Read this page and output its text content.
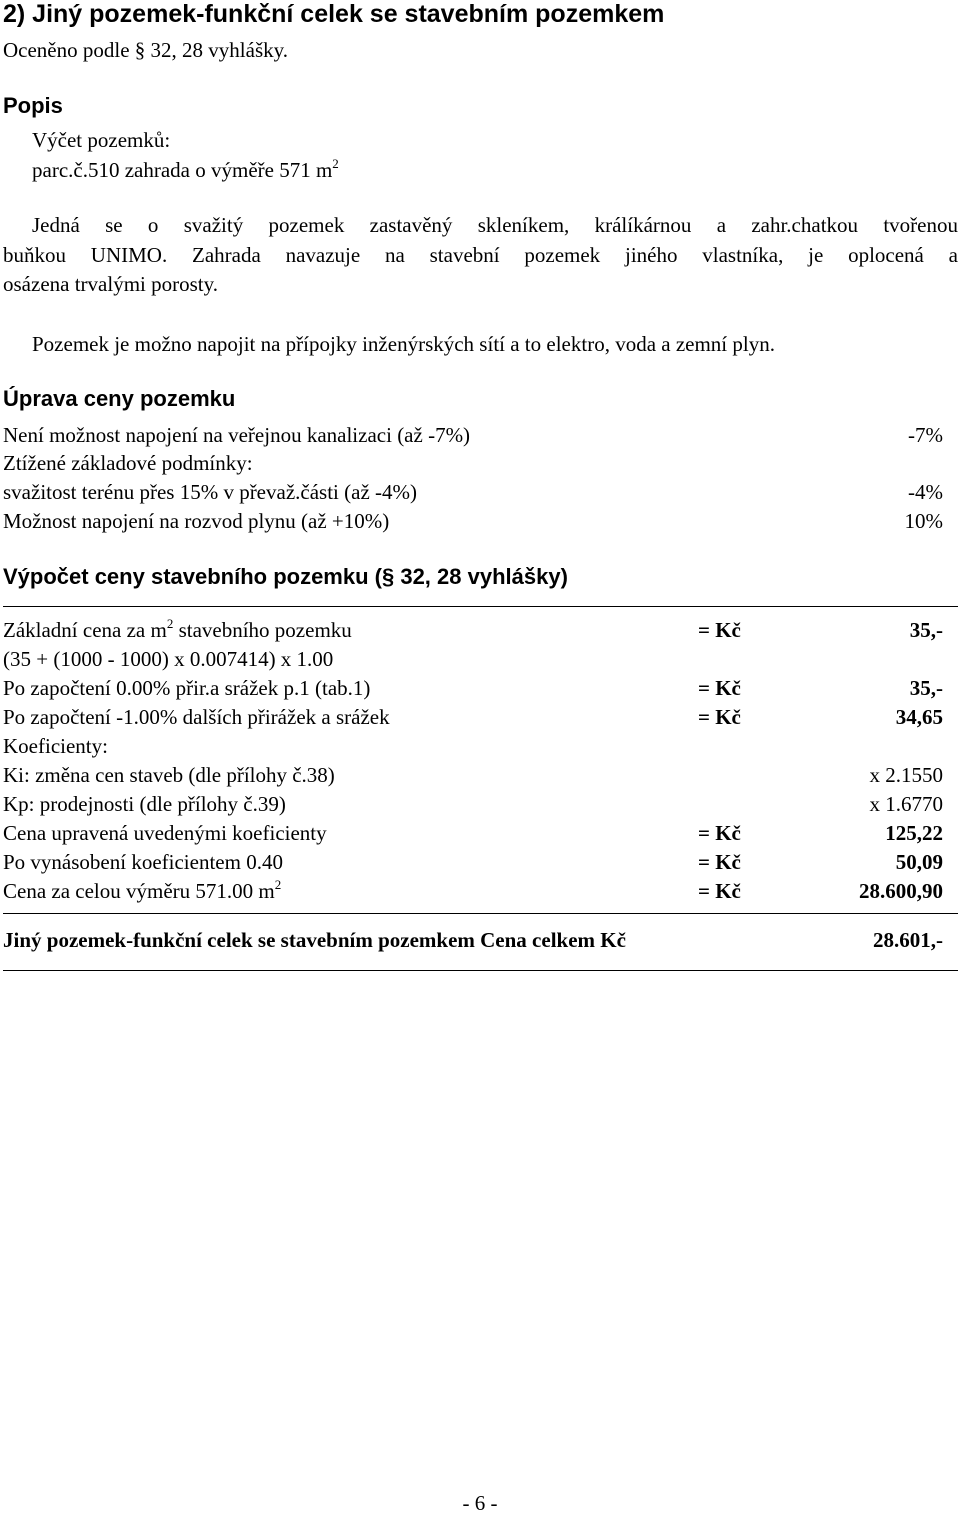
2) Jiný pozemek-funkční celek se stavebním pozemkem
Oceněno podle § 32, 28 vyhlášky.
Popis
Výčet pozemků:
parc.č.510 zahrada o výměře 571 $m^2$
Jedná se o svažitý pozemek zastavěný skleníkem, králíkárnou a zahr.chatkou tvořenou
buňkou UNIMO. Zahrada navazuje na stavební pozemek jiného vlastníka, je oplocená a
osázena trvalými porosty.
Pozemek je možno napojit na přípojky inženýrských sítí a to elektro, voda a zemní plyn.
Úprava ceny pozemku
Není možnost napojení na veřejnou kanalizaci (až -7%)	-7%
Ztížené základové podmínky:
svažitost terénu přes 15% v převaž.části (až -4%)	-4%
Možnost napojení na rozvod plynu (až +10%)	10%
Výpočet ceny stavebního pozemku (§ 32, 28 vyhlášky)
Základní cena za $m^2$ stavebního pozemku	= Kč	35,-
(35 + (1000 - 1000) x 0.007414) x 1.00
Po započtení 0.00% přir.a srážek p.1 (tab.1)	= Kč	35,-
Po započtení -1.00% dalších přirážek a srážek	= Kč	34,65
Koeficienty:
Ki: změna cen staveb (dle přílohy č.38)	x 2.1550
Kp: prodejnosti (dle přílohy č.39)	x 1.6770
Cena upravená uvedenými koeficienty	= Kč	125,22
Po vynásobení koeficientem 0.40	= Kč	50,09
Cena za celou výměru 571.00 $m^2$	= Kč	28.600,90
Jiný pozemek-funkční celek se stavebním pozemkem Cena celkem Kč	28.601,-
- 6 -
